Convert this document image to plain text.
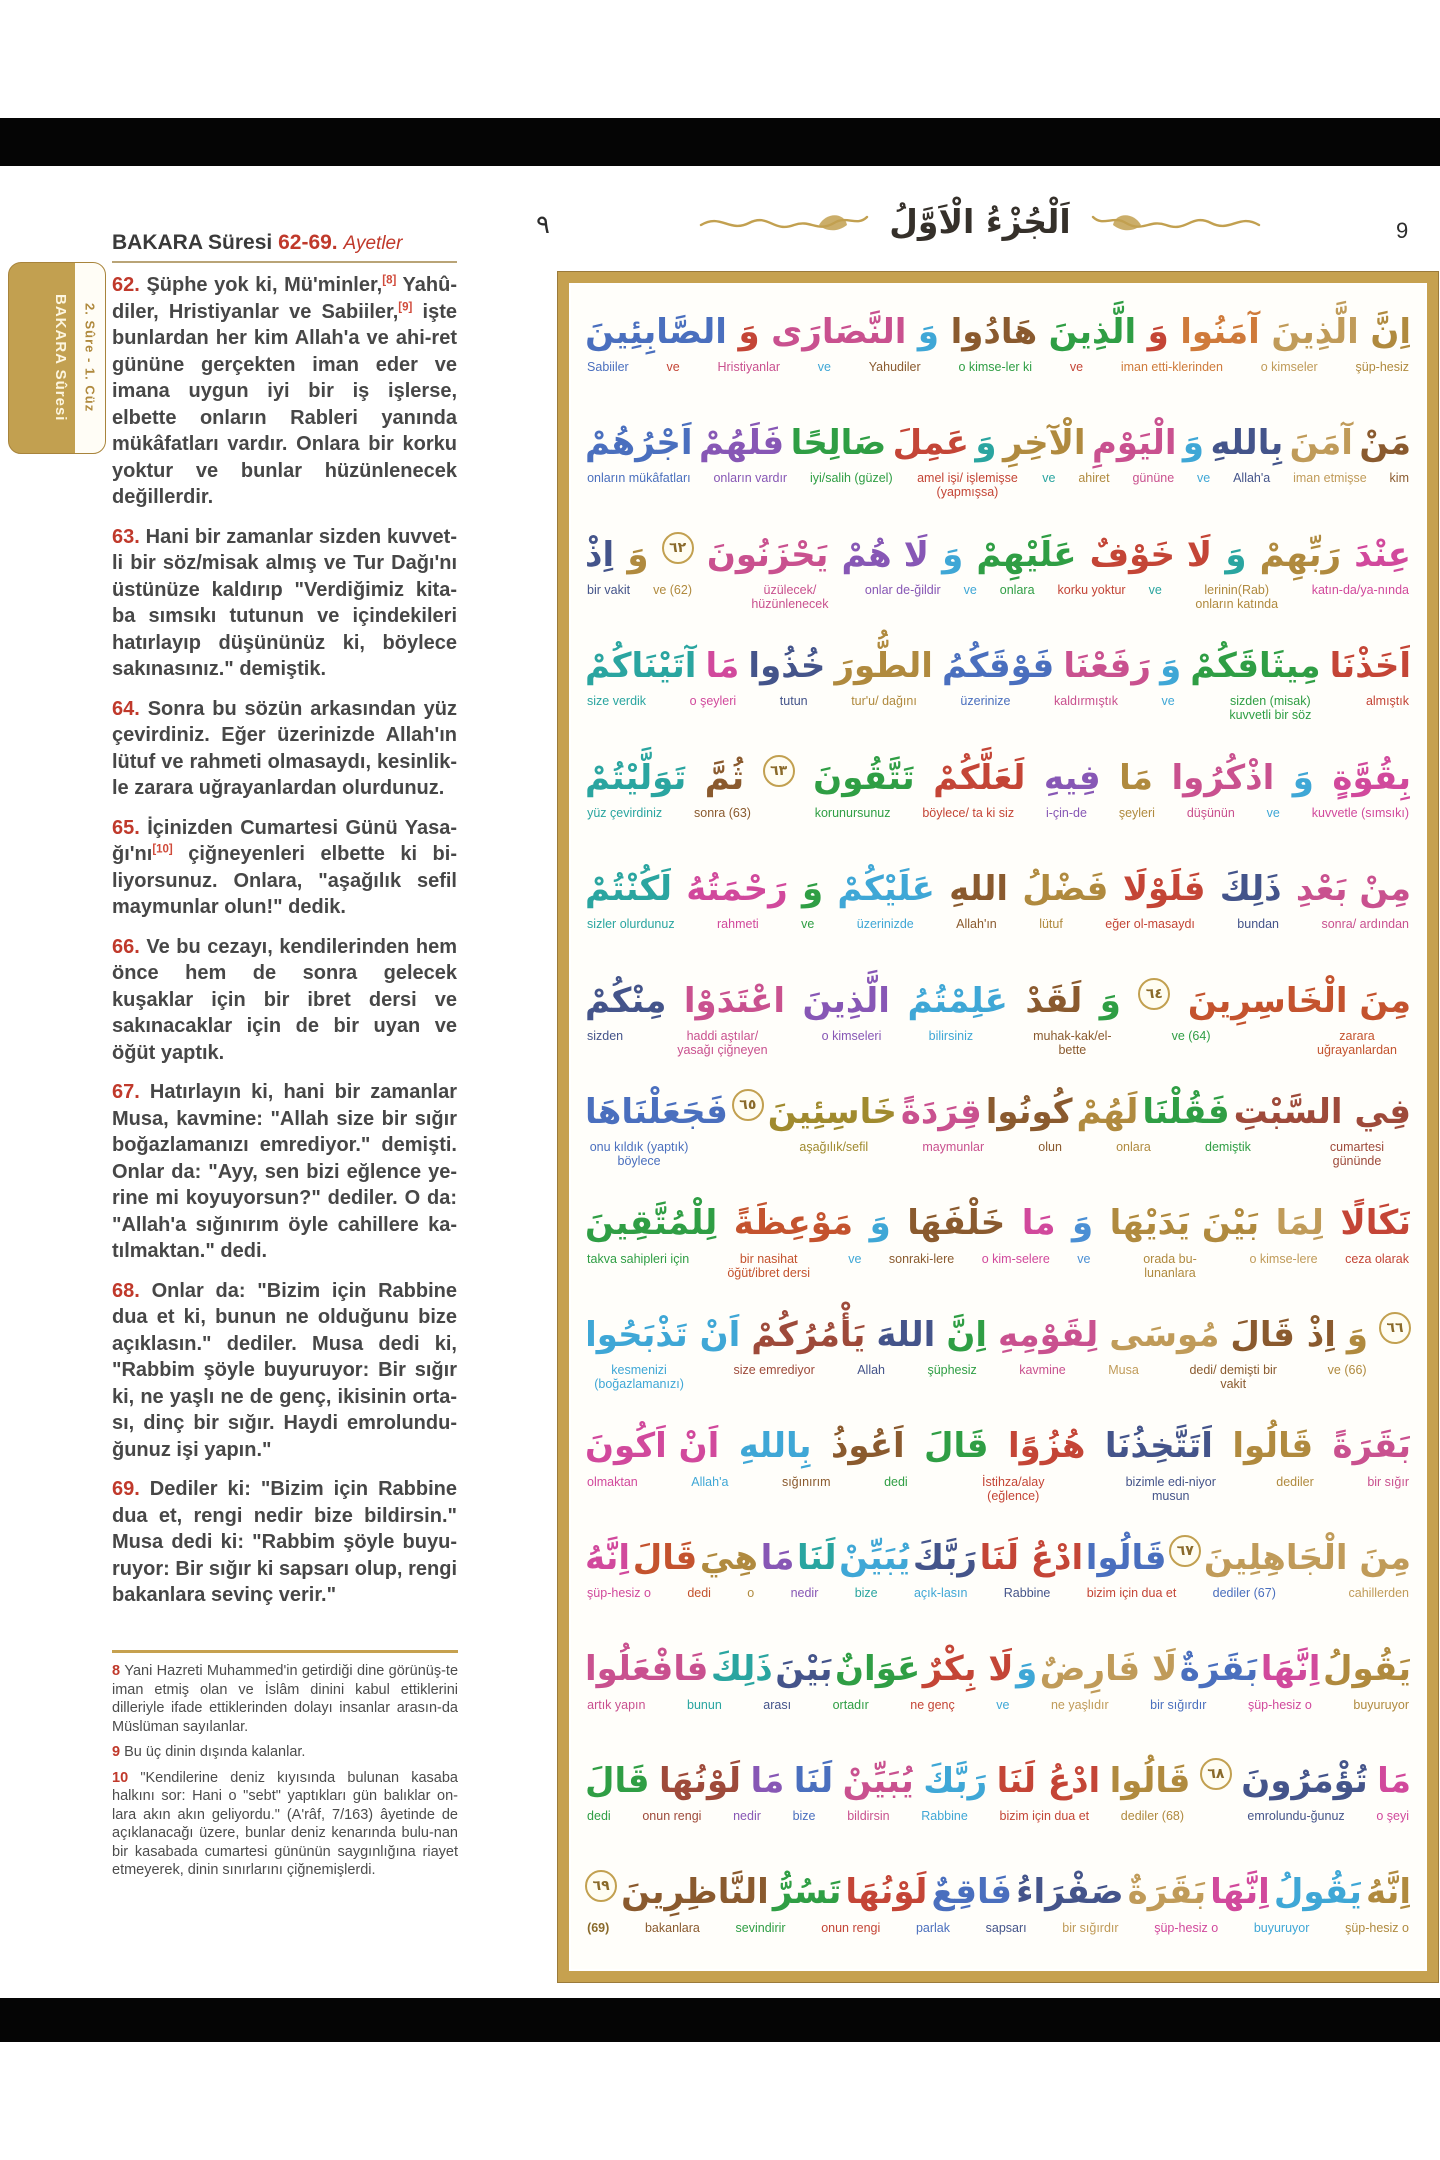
BAKARA Sûresi	2. Sûre - 1. Cüz
BAKARA Süresi 62-69. Ayetler
٩	9
اَلْجُزْءُ الْاَوَّلُ

62. Şüphe yok ki, Mü'minler,[8] Yahû-diler, Hristiyanlar ve Sabiiler,[9] işte bunlardan her kim Allah'a ve ahi-ret gününe gerçekten iman eder ve imana uygun iyi bir iş işlerse, elbette onların Rableri yanında mükâfatları vardır. Onlara bir korku yoktur ve bunlar hüzünlenecek değillerdir.

63. Hani bir zamanlar sizden kuvvet-li bir söz/misak almış ve Tur Dağı'nı üstünüze kaldırıp "Verdiğimiz kita-ba sımsıkı tutunun ve içindekileri hatırlayıp düşününüz ki, böylece sakınasınız." demiştik.

64. Sonra bu sözün arkasından yüz çevirdiniz. Eğer üzerinizde Allah'ın lütuf ve rahmeti olmasaydı, kesinlik-le zarara uğrayanlardan olurdunuz.

65. İçinizden Cumartesi Günü Yasa-ğı'nı[10] çiğneyenleri elbette ki bi-liyorsunuz. Onlara, "aşağılık sefil maymunlar olun!" dedik.

66. Ve bu cezayı, kendilerinden hem önce hem de sonra gelecek kuşaklar için bir ibret dersi ve sakınacaklar için de bir uyan ve öğüt yaptık.

67. Hatırlayın ki, hani bir zamanlar Musa, kavmine: "Allah size bir sığır boğazlamanızı emrediyor." demişti. Onlar da: "Ayy, sen bizi eğlence ye-rine mi koyuyorsun?" dediler. O da: "Allah'a sığınırım öyle cahillere ka-tılmaktan." dedi.

68. Onlar da: "Bizim için Rabbine dua et ki, bunun ne olduğunu bize açıklasın." dediler. Musa dedi ki, "Rabbim şöyle buyuruyor: Bir sığır ki, ne yaşlı ne de genç, ikisinin orta-sı, dinç bir sığır. Haydi emrolundu-ğunuz işi yapın."

69. Dediler ki: "Bizim için Rabbine dua et, rengi nedir bize bildirsin." Musa dedi ki: "Rabbim şöyle buyu-ruyor: Bir sığır ki sapsarı olup, rengi bakanlara sevinç verir."

8 Yani Hazreti Muhammed'in getirdiği dine görünüş-te iman etmiş olan ve İslâm dinini kabul ettiklerini dilleriyle ifade ettiklerinden dolayı insanlar arasın-da Müslüman sayılanlar.

9 Bu üç dinin dışında kalanlar.

10 "Kendilerine deniz kıyısında bulunan kasaba halkını sor: Hani o "sebt" yaptıkları gün balıklar on-lara akın akın geliyordu." (A'râf, 7/163) âyetinde de açıklanacağı üzere, bunlar deniz kenarında bulu-nan bir kasabada cumartesi gününün saygınlığına riayet etmeyerek, dinin sınırlarını çiğnemişlerdi.

اِنَّ
الَّذِينَ
آمَنُوا
وَ
الَّذِينَ
هَادُوا
وَ
النَّصَارَى
وَ
الصَّابِئِينَ
şüp-hesiz
o kimseler
iman etti-klerinden
ve
o kimse-ler ki
Yahudiler
ve
Hristiyanlar
ve
Sabiiler
مَنْ
آمَنَ
بِاللهِ
وَ
الْيَوْمِ
الْآخِرِ
وَ
عَمِلَ
صَالِحًا
فَلَهُمْ
اَجْرُهُمْ
kim
iman etmişse
Allah'a
ve
gününe
ahiret
ve
amel işi/ işlemişse (yapmışsa)
iyi/salih (güzel)
onların vardır
onların mükâfatları
عِنْدَ
رَبِّهِمْ
وَ
لَا خَوْفٌ
عَلَيْهِمْ
وَ
لَا هُمْ
يَحْزَنُونَ
٦٢
وَ
اِذْ
katın-da/ya-nında
(Rab)lerinin onların katında
ve
korku yoktur
onlara
ve
onlar de-ğildir
üzülecek/ hüzünlenecek
ve (62)
bir vakit
اَخَذْنَا
مِيثَاقَكُمْ
وَ
رَفَعْنَا
فَوْقَكُمُ
الطُّورَ
خُذُوا
مَا
آتَيْنَاكُمْ
almıştık
(misak) sizden kuvvetli bir söz
ve
kaldırmıştık
üzerinize
tur'u/ dağını
tutun
o şeyleri
size verdik
بِقُوَّةٍ
وَ
اذْكُرُوا
مَا
فِيهِ
لَعَلَّكُمْ
تَتَّقُونَ
٦٣
ثُمَّ
تَوَلَّيْتُمْ
kuvvetle (sımsıkı)
ve
düşünün
şeyleri
i-çin-de
böylece/ ta ki siz
korunursunuz
sonra (63)
yüz çevirdiniz
مِنْ بَعْدِ
ذَلِكَ
فَلَوْلَا
فَضْلُ
اللهِ
عَلَيْكُمْ
وَ
رَحْمَتُهُ
لَكُنْتُمْ
sonra/ ardından
bundan
eğer ol-masaydı
lütuf
Allah'ın
üzerinizde
ve
rahmeti
sizler olurdunuz
مِنَ الْخَاسِرِينَ
٦٤
وَ
لَقَدْ
عَلِمْتُمُ
الَّذِينَ
اعْتَدَوْا
مِنْكُمْ
zarara uğrayanlardan
ve (64)
muhak-kak/el-bette
bilirsiniz
o kimseleri
haddi aştılar/ yasağı çiğneyen
sizden
فِي السَّبْتِ
فَقُلْنَا
لَهُمْ
كُونُوا
قِرَدَةً
خَاسِئِينَ
٦٥
فَجَعَلْنَاهَا
cumartesi gününde
demiştik
onlara
olun
maymunlar
aşağılık/sefil
onu kıldık (yaptık) böylece
نَكَالًا
لِمَا
بَيْنَ يَدَيْهَا
وَ
مَا
خَلْفَهَا
وَ
مَوْعِظَةً
لِلْمُتَّقِينَ
ceza olarak
o kimse-lere
orada bu-lunanlara
ve
o kim-selere
sonraki-lere
ve
bir nasihat öğüt/ibret dersi
takva sahipleri için
٦٦
وَ
اِذْ قَالَ
مُوسَى
لِقَوْمِهِ
اِنَّ
اللهَ
يَأْمُرُكُمْ
اَنْ تَذْبَحُوا
ve (66)
dedi/ demişti bir vakit
Musa
kavmine
şüphesiz
Allah
size emrediyor
kesmenizi (boğazlamanızı)
بَقَرَةً
قَالُوا
اَتَتَّخِذُنَا
هُزُوًا
قَالَ
اَعُوذُ
بِاللهِ
اَنْ اَكُونَ
bir sığır
dediler
bizimle edi-niyor musun
İstihza/alay (eğlence)
dedi
sığınırım
Allah'a
olmaktan
مِنَ الْجَاهِلِينَ
٦٧
قَالُوا
ادْعُ لَنَا
رَبَّكَ
يُبَيِّنْ
لَنَا
مَا
هِيَ
قَالَ
اِنَّهُ
cahillerden
dediler (67)
bizim için dua et
Rabbine
açık-lasın
bize
nedir
o
dedi
şüp-hesiz o
يَقُولُ
اِنَّهَا
بَقَرَةٌ
لَا فَارِضٌ
وَ
لَا بِكْرٌ
عَوَانٌ
بَيْنَ
ذَلِكَ
فَافْعَلُوا
buyuruyor
şüp-hesiz o
bir sığırdır
ne yaşlıdır
ve
ne genç
ortadır
arası
bunun
artık yapın
مَا
تُؤْمَرُونَ
٦٨
قَالُوا
ادْعُ لَنَا
رَبَّكَ
يُبَيِّنْ
لَنَا
مَا
لَوْنُهَا
قَالَ
o şeyi
emrolundu-ğunuz
dediler (68)
bizim için dua et
Rabbine
bildirsin
bize
nedir
onun rengi
dedi
اِنَّهُ
يَقُولُ
اِنَّهَا
بَقَرَةٌ
صَفْرَاءُ
فَاقِعٌ
لَوْنُهَا
تَسُرُّ
النَّاظِرِينَ
٦٩
şüp-hesiz o
buyuruyor
şüp-hesiz o
bir sığırdır
sapsarı
parlak
onun rengi
sevindirir
bakanlara
(69)
